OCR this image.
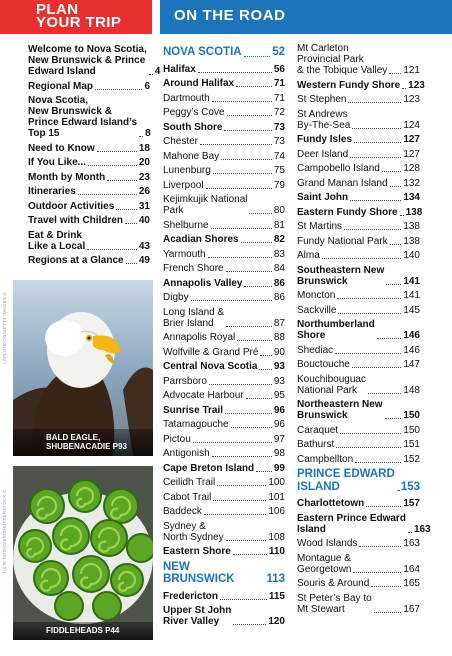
PLAN
YOUR TRIP	ON THE ROAD
Welcome to Nova Scotia,
New Brunswick & Prince
Edward Island	4
Regional Map	6
Nova Scotia,
New Brunswick &
Prince Edward Island’s
Top 15	8
Need to Know	18
If You Like...	20
Month by Month	23
Itineraries	26
Outdoor Activities 31
Travel with Children 40
Eat & Drink
Like a Local	43
Regions at a Glance 49
BALD EAGLE,
SHUBENACADIE P93
LAPLONDON/GETTY IMAGES ©
FIDDLEHEADS P44
JULIE DESHAIES/SHUTTERSTOCK ©
NOVA SCOTIA	52
Halifax	56
Around Halifax	71
Dartmouth	71
Peggy’s Cove	72
South Shore	73
Chester	73
Mahone Bay	74
Lunenburg	75
Liverpool	79
Kejimkujik National
Park	80
Shelburne	81
Acadian Shores	82
Yarmouth	83
French Shore	84
Annapolis Valley	86
Digby	86
Long Island &
Brier Island	87
Annapolis Royal	88
Wolfville & Grand Pré 90
Central Nova Scotia 93
Parrsboro	93
Advocate Harbour	95
Sunrise Trail	96
Tatamagouche	96
Pictou	97
Antigonish	98
Cape Breton Island 99
Ceilidh Trail	100
Cabot Trail	101
Baddeck	106
Sydney &
North Sydney	108
Eastern Shore	110
NEW BRUNSWICK	113
Fredericton	115
Upper St John
River Valley	120
Mt Carleton
Provincial Park
& the Tobique Valley 121
Western Fundy Shore 123
St Stephen	123
St Andrews
By-The-Sea	124
Fundy Isles	127
Deer Island	127
Campobello Island 128
Grand Manan Island 132
Saint John	134
Eastern Fundy Shore 138
St Martins	138
Fundy National Park 138
Alma	140
Southeastern New
Brunswick	141
Moncton	141
Sackville	145
Northumberland
Shore	146
Shediac	146
Bouctouche	147
Kouchibouguac
National Park	148
Northeastern New
Brunswick	150
Caraquet	150
Bathurst	151
Campbellton	152
PRINCE EDWARD
ISLAND	153
Charlottetown	157
Eastern Prince Edward
Island	163
Wood Islands	163
Montague &
Georgetown	164
Souris & Around	165
St Peter’s Bay to
Mt Stewart	167
